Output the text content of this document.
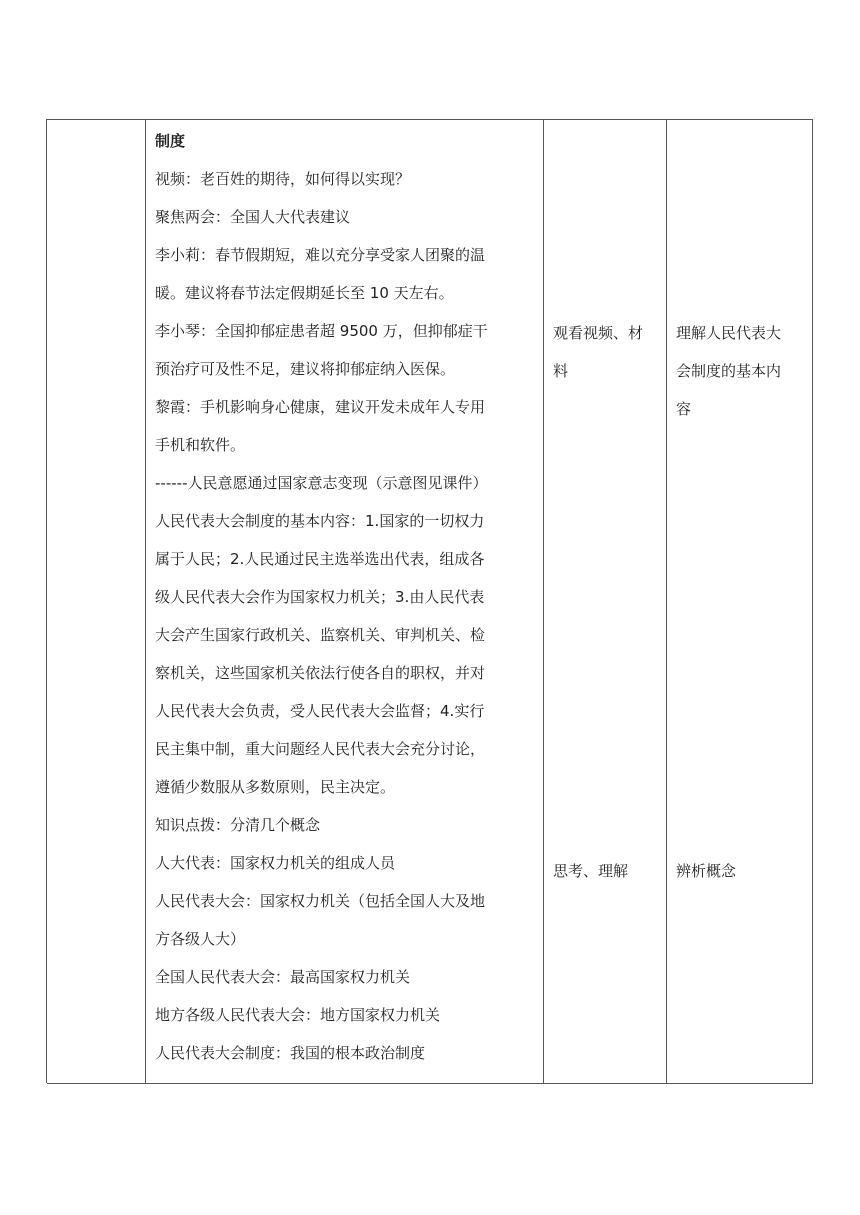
制度
视频：老百姓的期待，如何得以实现？
聚焦两会：全国人大代表建议
李小莉：春节假期短，难以充分享受家人团聚的温
暖。建议将春节法定假期延长至 10 天左右。
李小琴：全国抑郁症患者超 9500 万，但抑郁症干
预治疗可及性不足，建议将抑郁症纳入医保。
黎霞：手机影响身心健康，建议开发未成年人专用
手机和软件。
------人民意愿通过国家意志变现（示意图见课件）
人民代表大会制度的基本内容：1.国家的一切权力
属于人民；2.人民通过民主选举选出代表，组成各
级人民代表大会作为国家权力机关；3.由人民代表
大会产生国家行政机关、监察机关、审判机关、检
察机关，这些国家机关依法行使各自的职权，并对
人民代表大会负责，受人民代表大会监督；4.实行
民主集中制，重大问题经人民代表大会充分讨论，
遵循少数服从多数原则，民主决定。
知识点拨：分清几个概念
人大代表：国家权力机关的组成人员
人民代表大会：国家权力机关（包括全国人大及地
方各级人大）
全国人民代表大会：最高国家权力机关
地方各级人民代表大会：地方国家权力机关
人民代表大会制度：我国的根本政治制度
观看视频、材
料
思考、理解
理解人民代表大
会制度的基本内
容
辨析概念
